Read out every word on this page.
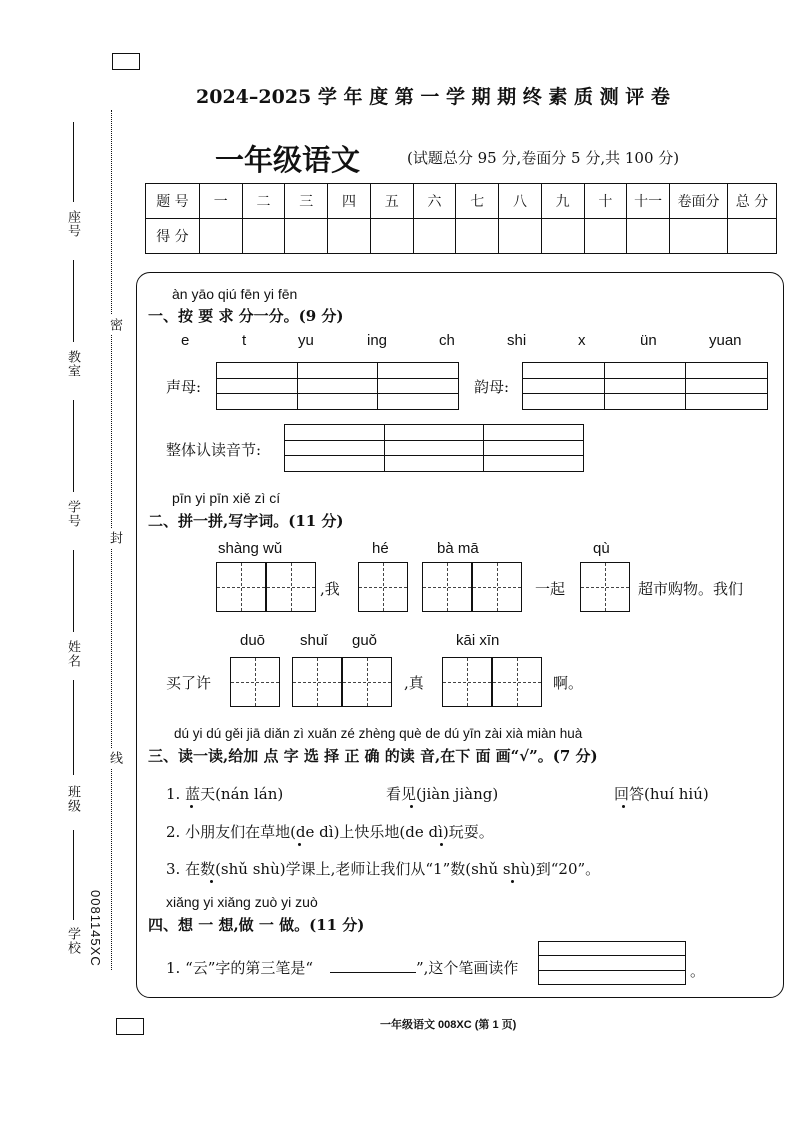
座号
教室
学号
姓名
班级
学校 0081145XC
密
封
线
2024–2025 学 年 度 第 一 学 期 期 终 素 质 测 评 卷
一年级语文	(试题总分 95 分,卷面分 5 分,共 100 分)
题 号	一	二	三	四	五	六	七	八	九	十	十一	卷面分	总 分
得 分													
àn yāo qiú fēn yi fēn
一、按 要 求 分一分。(9 分)
e	t	yu	ing	ch	shi	x	ün	yuan
声母:	韵母:
整体认读音节:
pīn yi pīn xiě zì cí
二、拼一拼,写字词。(11 分)
shàng wǔ	hé	bà mā	qù
,我	一起	超市购物。我们
duō shuǐ guǒ	kāi xīn
买了许	,真	啊。
dú yi dú gěi jiā diǎn zì xuǎn zé zhèng què de dú yīn zài xià miàn huà
三、读一读,给加 点 字 选 择 正 确 的读 音,在下 面 画“√”。(7 分)
1. 蓝天(nán lán)	看见(jiàn jiàng)	回答(huí hiú)
2. 小朋友们在草地(de dì)上快乐地(de dì)玩耍。
3. 在数(shǔ shù)学课上,老师让我们从“1”数(shǔ shù)到“20”。
xiǎng yi xiǎng zuò yi zuò
四、想 一 想,做 一 做。(11 分)
1. “云”字的第三笔是“	”,这个笔画读作	。
一年级语文 008XC (第 1 页)
